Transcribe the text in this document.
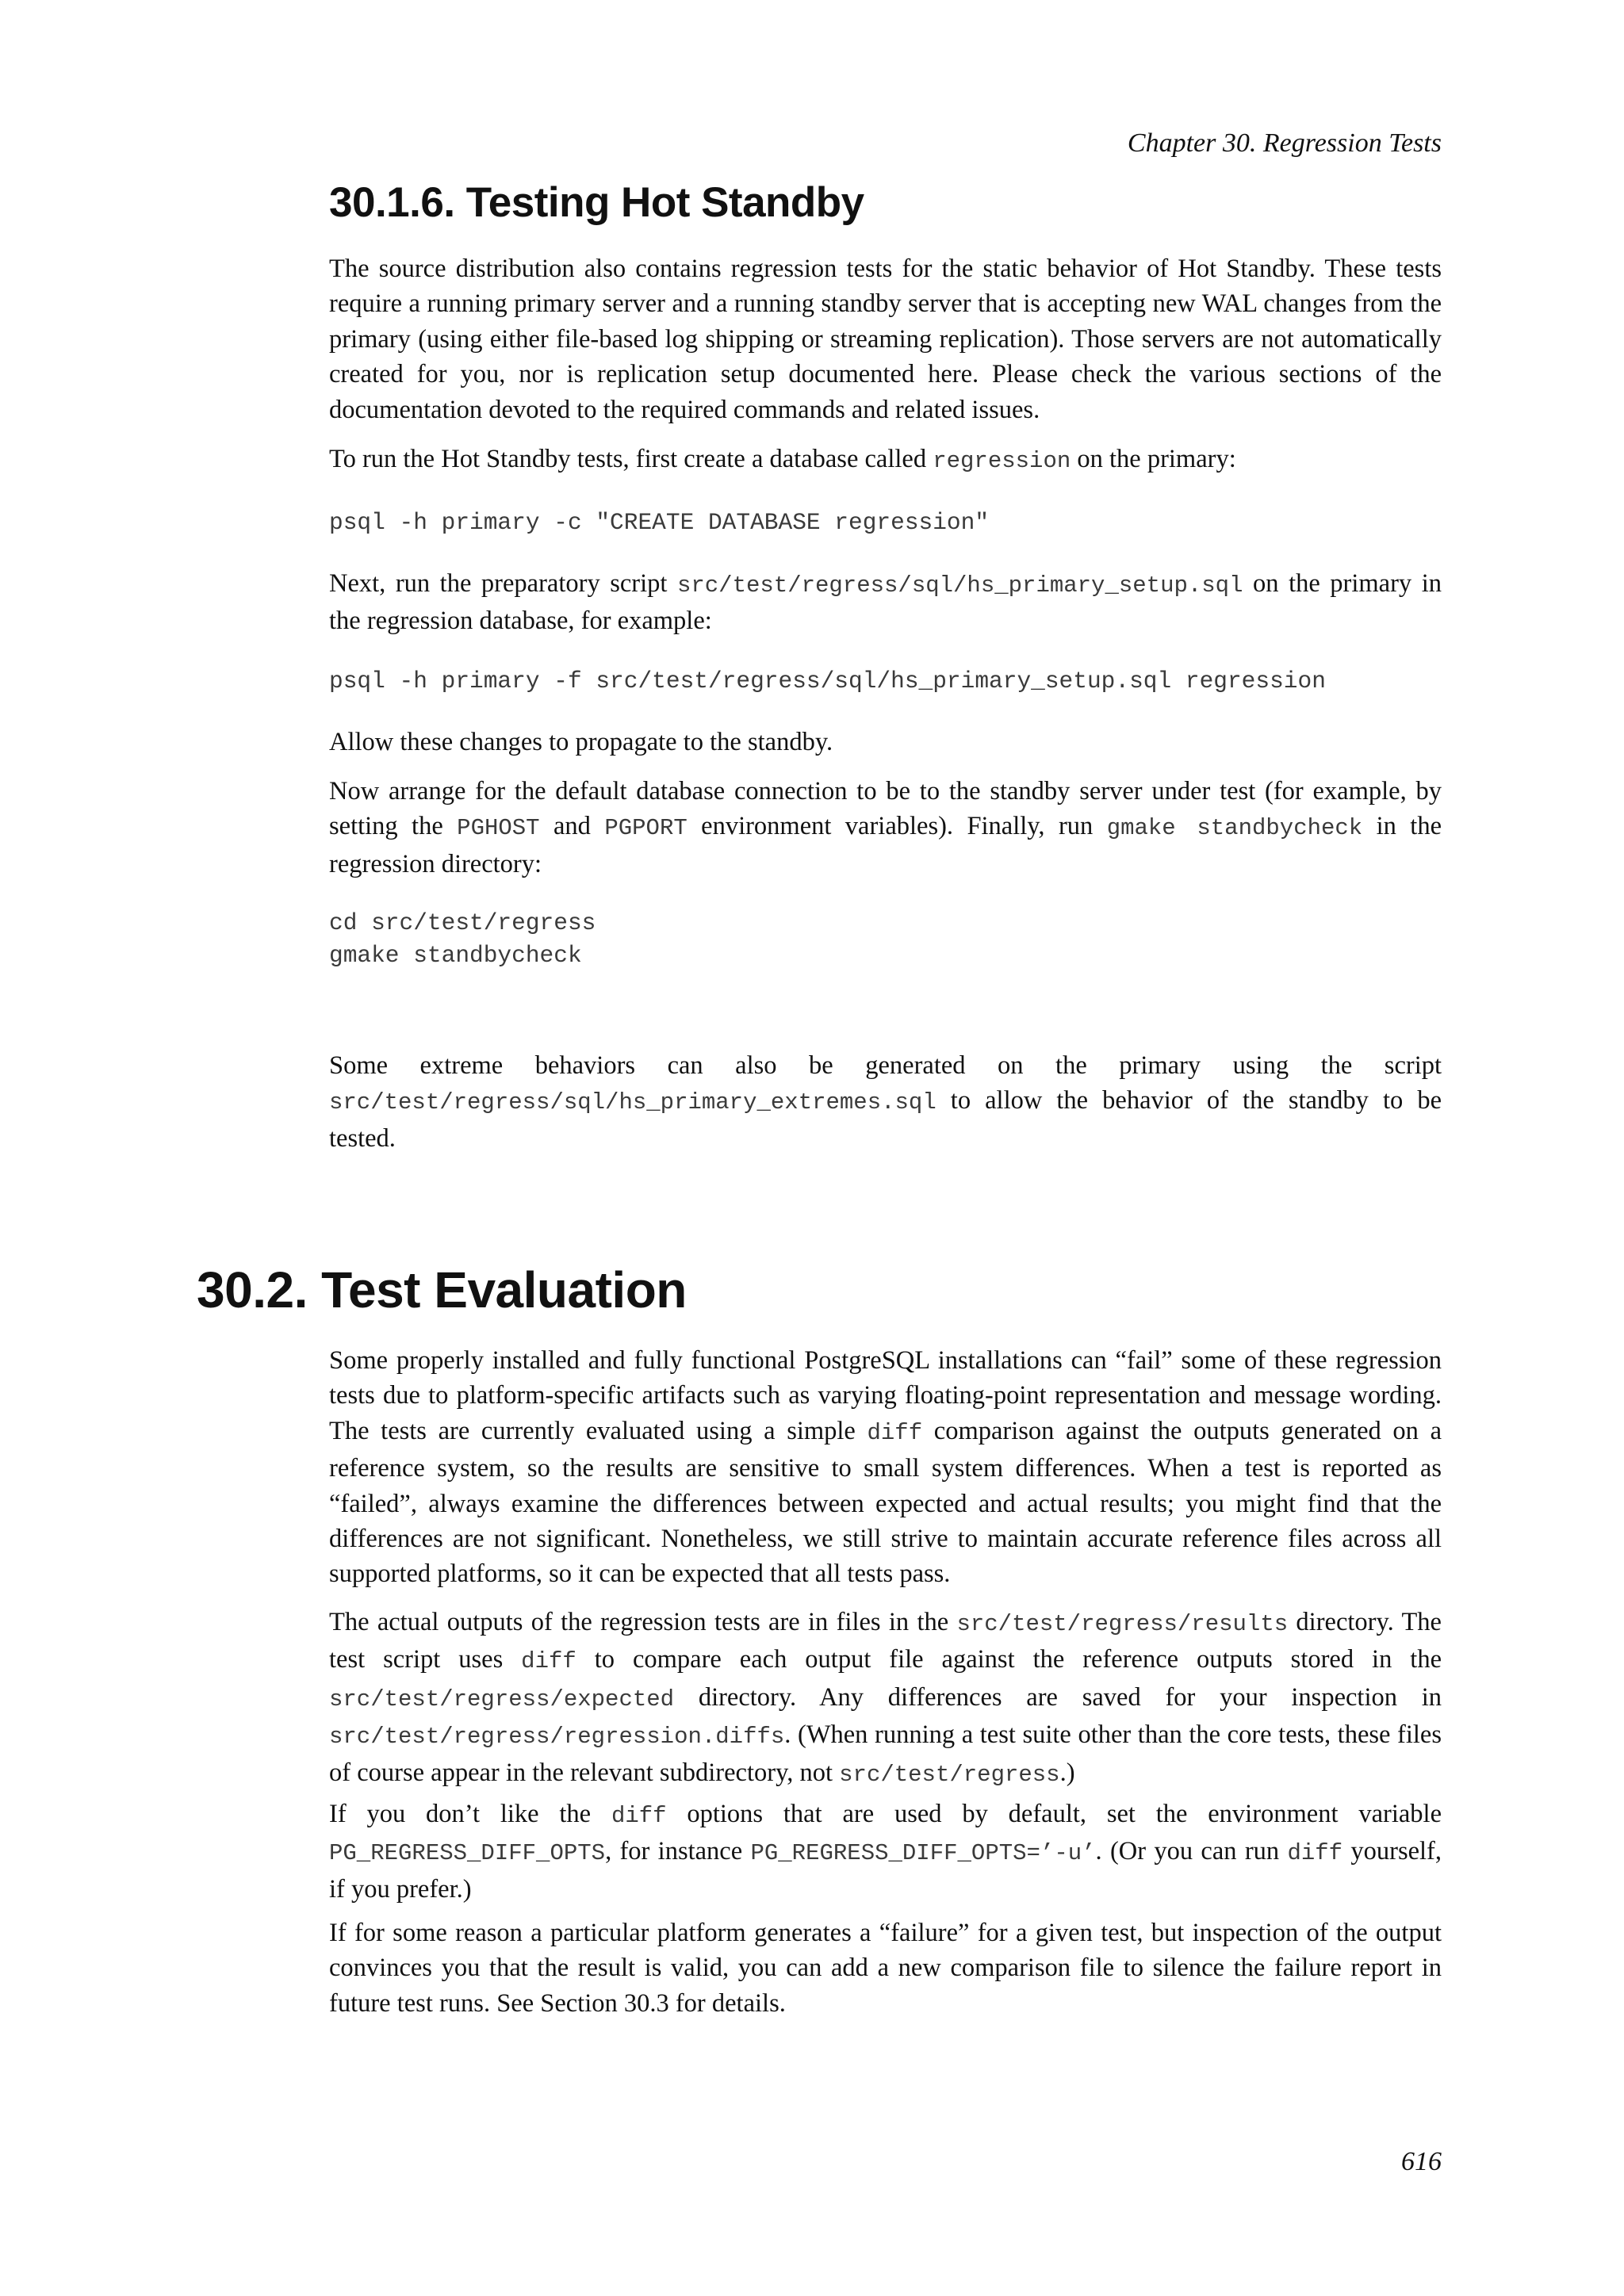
Chapter 30. Regression Tests
30.1.6. Testing Hot Standby

The source distribution also contains regression tests for the static behavior of Hot Standby. These tests require a running primary server and a running standby server that is accepting new WAL changes from the primary (using either file-based log shipping or streaming replication). Those servers are not automatically created for you, nor is replication setup documented here. Please check the various sections of the documentation devoted to the required commands and related issues.

To run the Hot Standby tests, first create a database called regression on the primary:

psql -h primary -c "CREATE DATABASE regression"

Next, run the preparatory script src/test/regress/sql/hs_primary_setup.sql on the primary in the regression database, for example:

psql -h primary -f src/test/regress/sql/hs_primary_setup.sql regression

Allow these changes to propagate to the standby.

Now arrange for the default database connection to be to the standby server under test (for example, by setting the PGHOST and PGPORT environment variables). Finally, run gmake standbycheck in the regression directory:

cd src/test/regress
gmake standbycheck

Some extreme behaviors can also be generated on the primary using the script src/test/regress/sql/hs_primary_extremes.sql to allow the behavior of the standby to be tested.

30.2. Test Evaluation

Some properly installed and fully functional PostgreSQL installations can “fail” some of these regression tests due to platform-specific artifacts such as varying floating-point representation and message wording. The tests are currently evaluated using a simple diff comparison against the outputs generated on a reference system, so the results are sensitive to small system differences. When a test is reported as “failed”, always examine the differences between expected and actual results; you might find that the differences are not significant. Nonetheless, we still strive to maintain accurate reference files across all supported platforms, so it can be expected that all tests pass.

The actual outputs of the regression tests are in files in the src/test/regress/results directory. The test script uses diff to compare each output file against the reference outputs stored in the src/test/regress/expected directory. Any differences are saved for your inspection in src/test/regress/regression.diffs. (When running a test suite other than the core tests, these files of course appear in the relevant subdirectory, not src/test/regress.)

If you don’t like the diff options that are used by default, set the environment variable PG_REGRESS_DIFF_OPTS, for instance PG_REGRESS_DIFF_OPTS=’-u’. (Or you can run diff yourself, if you prefer.)

If for some reason a particular platform generates a “failure” for a given test, but inspection of the output convinces you that the result is valid, you can add a new comparison file to silence the failure report in future test runs. See Section 30.3 for details.

616
